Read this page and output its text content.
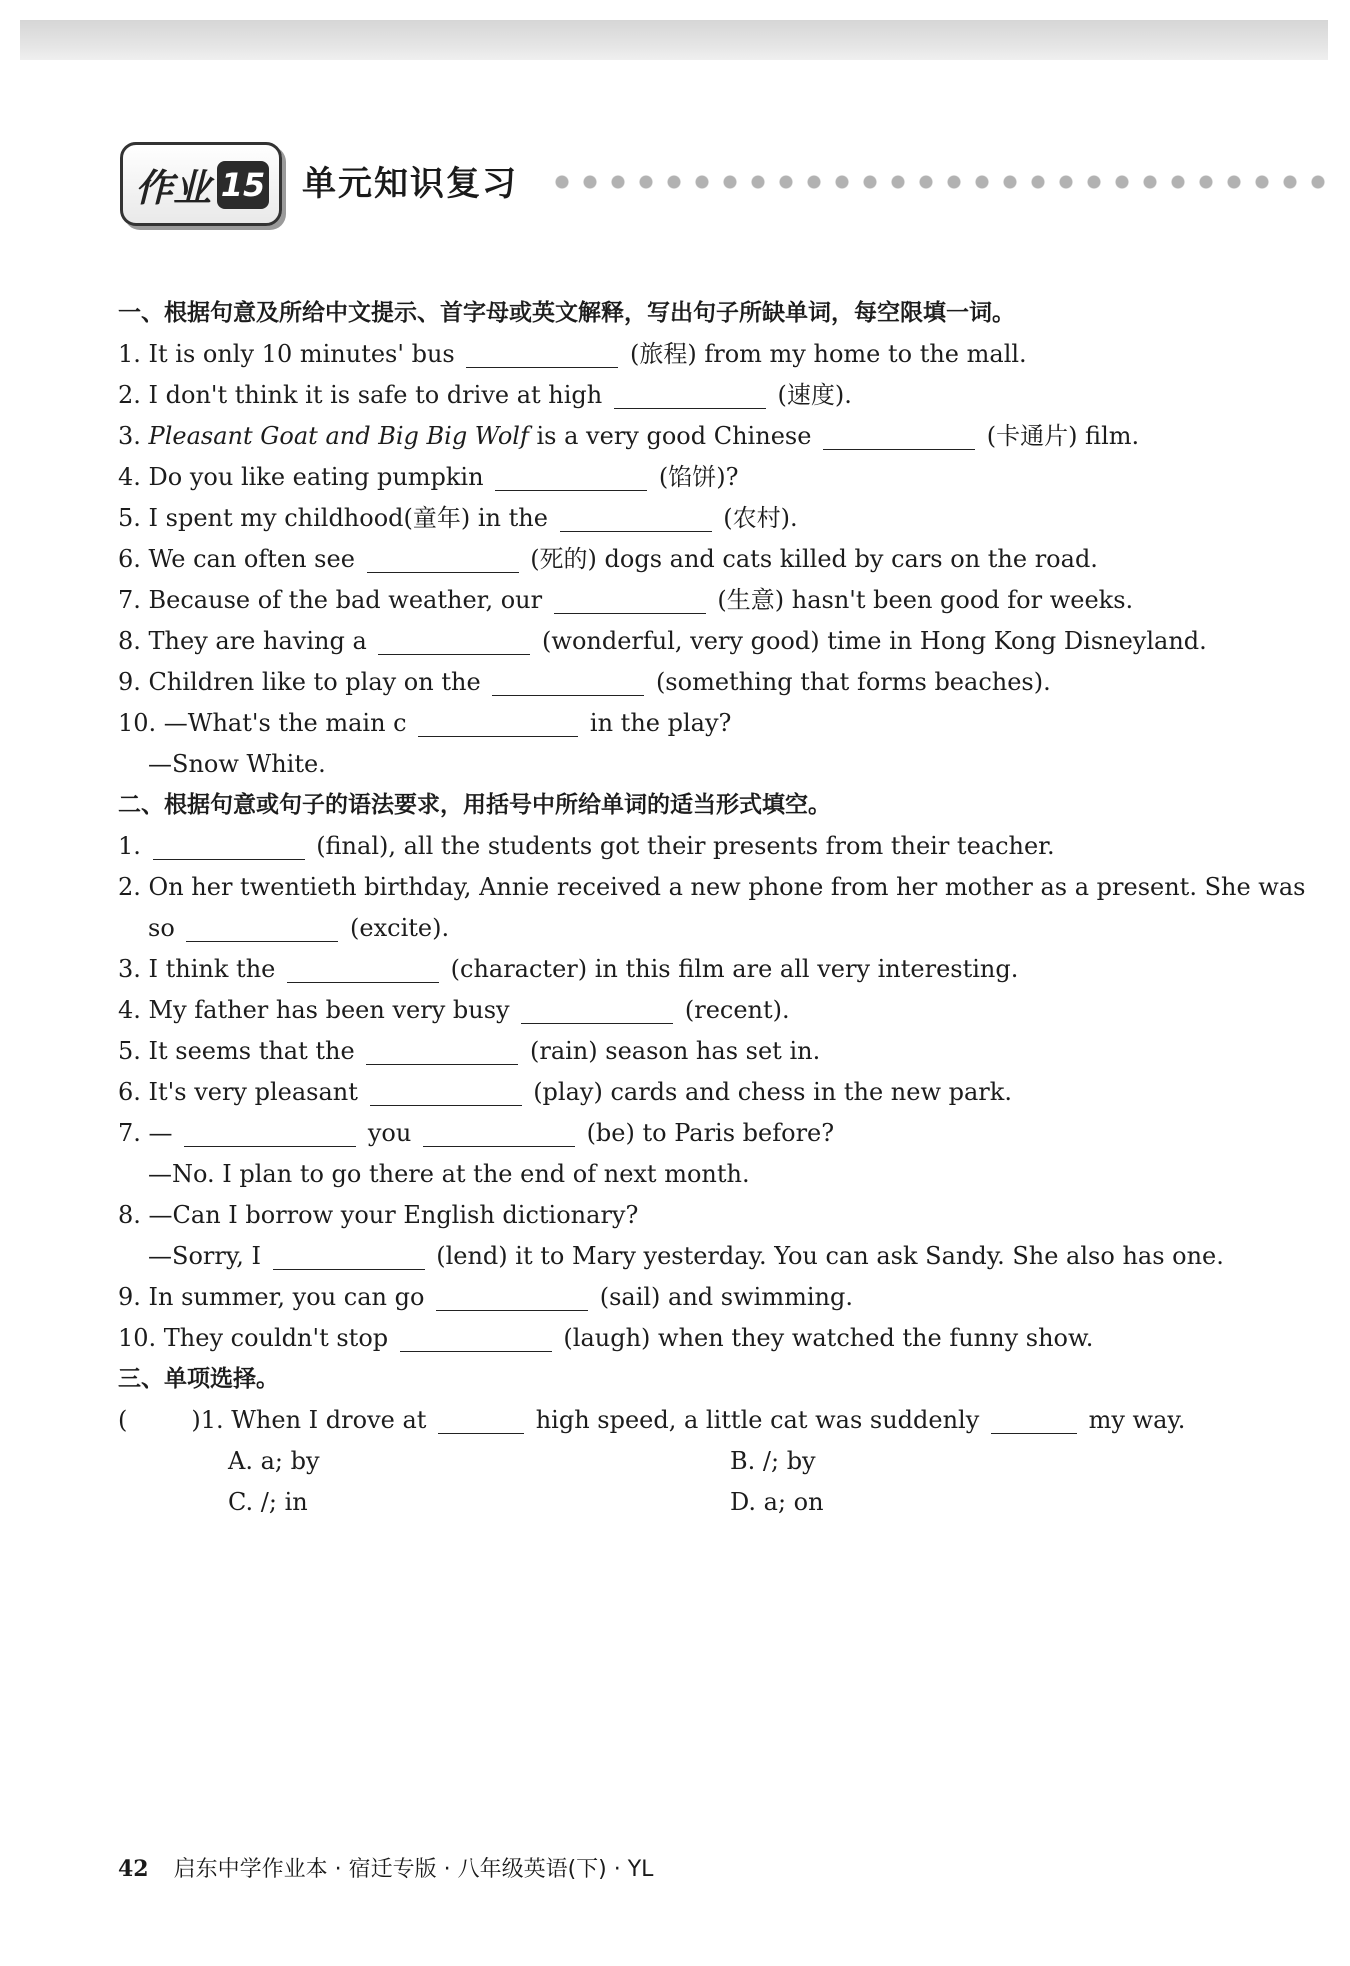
作业 15 单元知识复习
一、根据句意及所给中文提示、首字母或英文解释，写出句子所缺单词，每空限填一词。
1. It is only 10 minutes' bus	(旅程) from my home to the mall.
2. I don't think it is safe to drive at high	(速度).
3. Pleasant Goat and Big Big Wolf is a very good Chinese	(卡通片) film.
4. Do you like eating pumpkin	(馅饼)?
5. I spent my childhood(童年) in the	(农村).
6. We can often see	(死的) dogs and cats killed by cars on the road.
7. Because of the bad weather, our	(生意) hasn't been good for weeks.
8. They are having a	(wonderful, very good) time in Hong Kong Disneyland.
9. Children like to play on the	(something that forms beaches).
10. —What's the main c	in the play?
—Snow White.
二、根据句意或句子的语法要求，用括号中所给单词的适当形式填空。
1.	(final), all the students got their presents from their teacher.
2. On her twentieth birthday, Annie received a new phone from her mother as a present. She was
so	(excite).
3. I think the	(character) in this film are all very interesting.
4. My father has been very busy	(recent).
5. It seems that the	(rain) season has set in.
6. It's very pleasant	(play) cards and chess in the new park.
7. —	you	(be) to Paris before?
—No. I plan to go there at the end of next month.
8. —Can I borrow your English dictionary?
—Sorry, I	(lend) it to Mary yesterday. You can ask Sandy. She also has one.
9. In summer, you can go	(sail) and swimming.
10. They couldn't stop	(laugh) when they watched the funny show.
三、单项选择。
(	)1. When I drove at	high speed, a little cat was suddenly	my way.
A. a; by	B. /; by
C. /; in	D. a; on
42 启东中学作业本 · 宿迁专版 · 八年级英语(下) · YL
